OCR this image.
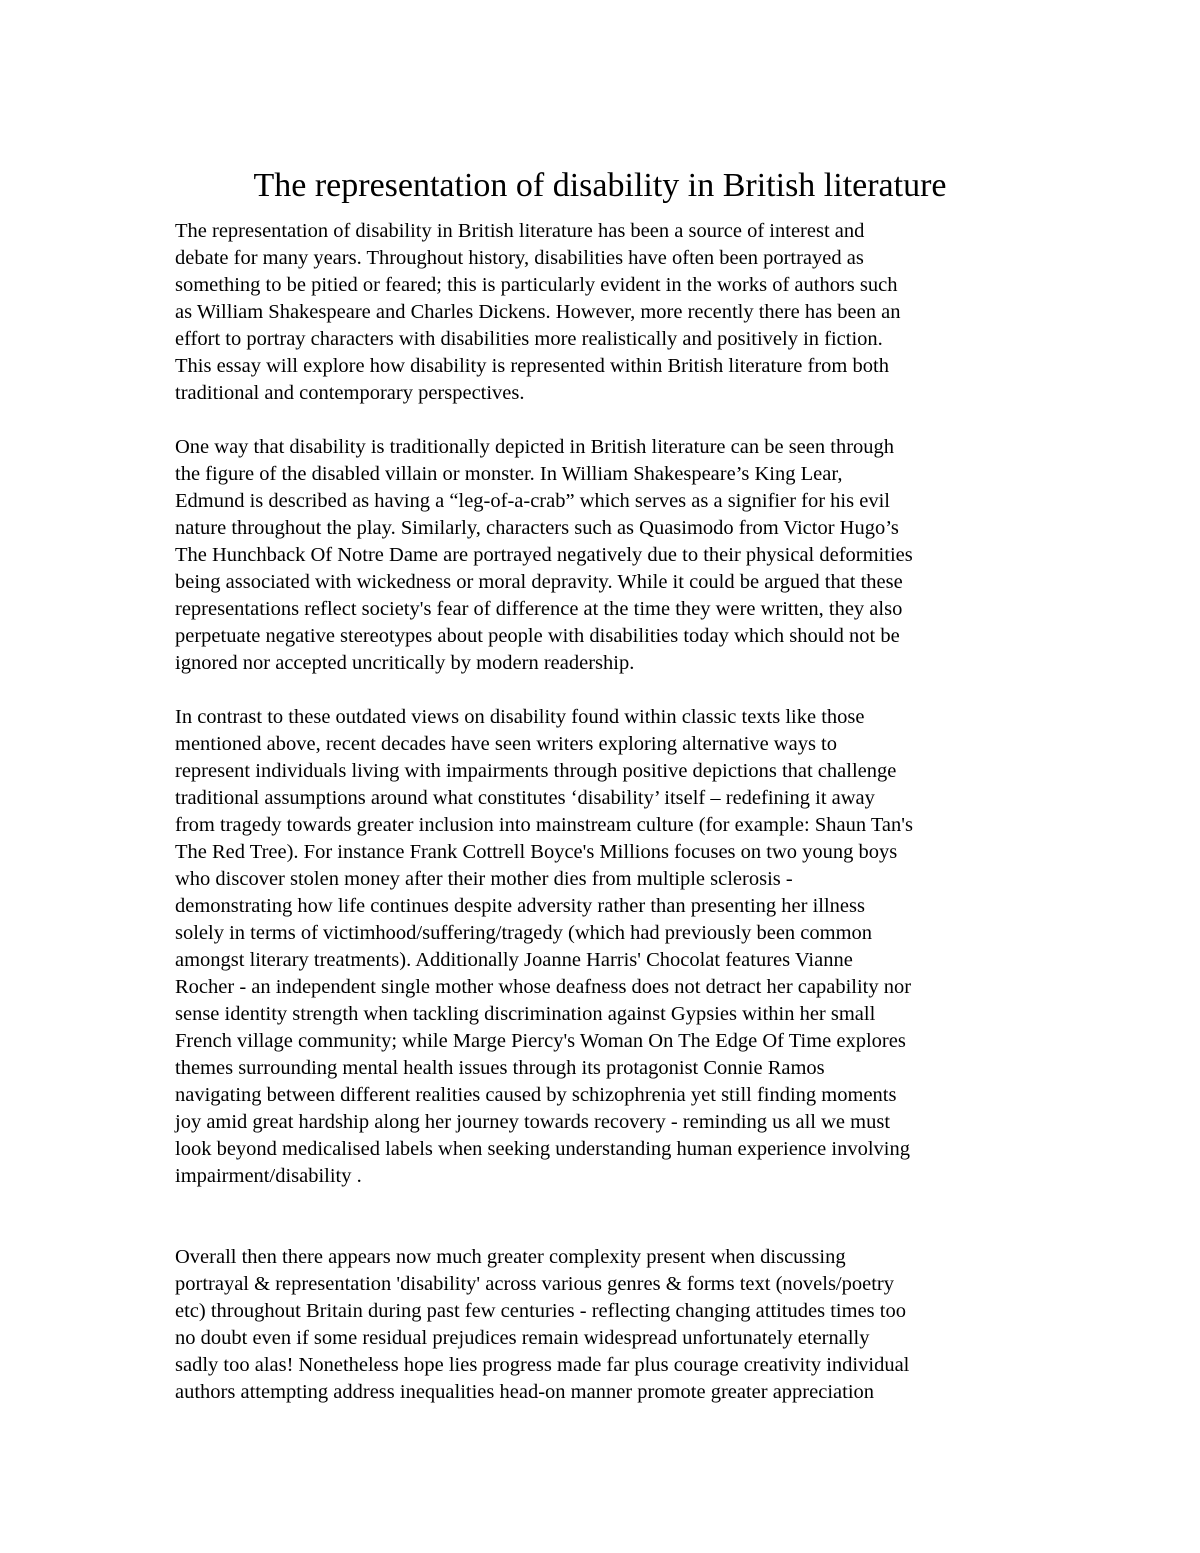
The representation of disability in British literature
The representation of disability in British literature has been a source of interest and
debate for many years. Throughout history, disabilities have often been portrayed as
something to be pitied or feared; this is particularly evident in the works of authors such
as William Shakespeare and Charles Dickens. However, more recently there has been an
effort to portray characters with disabilities more realistically and positively in fiction.
This essay will explore how disability is represented within British literature from both
traditional and contemporary perspectives.
One way that disability is traditionally depicted in British literature can be seen through
the figure of the disabled villain or monster. In William Shakespeare’s King Lear,
Edmund is described as having a “leg-of-a-crab” which serves as a signifier for his evil
nature throughout the play. Similarly, characters such as Quasimodo from Victor Hugo’s
The Hunchback Of Notre Dame are portrayed negatively due to their physical deformities
being associated with wickedness or moral depravity. While it could be argued that these
representations reflect society's fear of difference at the time they were written, they also
perpetuate negative stereotypes about people with disabilities today which should not be
ignored nor accepted uncritically by modern readership.
In contrast to these outdated views on disability found within classic texts like those
mentioned above, recent decades have seen writers exploring alternative ways to
represent individuals living with impairments through positive depictions that challenge
traditional assumptions around what constitutes ‘disability’ itself – redefining it away
from tragedy towards greater inclusion into mainstream culture (for example: Shaun Tan's
The Red Tree). For instance Frank Cottrell Boyce's Millions focuses on two young boys
who discover stolen money after their mother dies from multiple sclerosis -
demonstrating how life continues despite adversity rather than presenting her illness
solely in terms of victimhood/suffering/tragedy (which had previously been common
amongst literary treatments). Additionally Joanne Harris' Chocolat features Vianne
Rocher - an independent single mother whose deafness does not detract her capability nor
sense identity strength when tackling discrimination against Gypsies within her small
French village community; while Marge Piercy's Woman On The Edge Of Time explores
themes surrounding mental health issues through its protagonist Connie Ramos
navigating between different realities caused by schizophrenia yet still finding moments
joy amid great hardship along her journey towards recovery - reminding us all we must
look beyond medicalised labels when seeking understanding human experience involving
impairment/disability .
Overall then there appears now much greater complexity present when discussing
portrayal & representation 'disability' across various genres & forms text (novels/poetry
etc) throughout Britain during past few centuries - reflecting changing attitudes times too
no doubt even if some residual prejudices remain widespread unfortunately eternally
sadly too alas! Nonetheless hope lies progress made far plus courage creativity individual
authors attempting address inequalities head-on manner promote greater appreciation
